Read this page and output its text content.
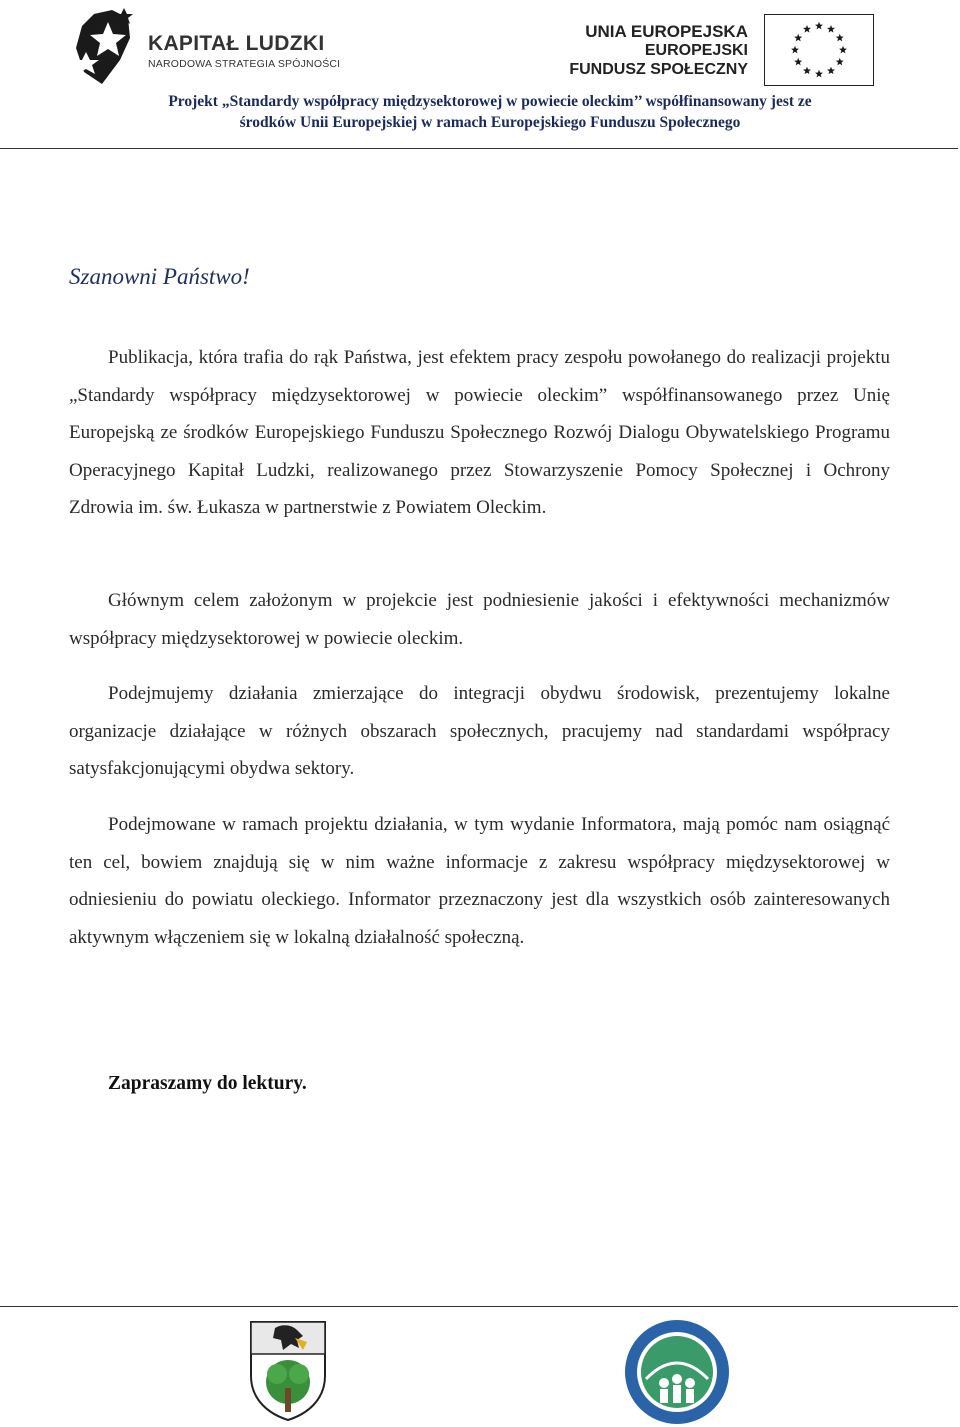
KAPITAŁ LUDZKI
NARODOWA STRATEGIA SPÓJNOŚCI
UNIA EUROPEJSKA
EUROPEJSKI
FUNDUSZ SPOŁECZNY
Projekt „Standardy współpracy międzysektorowej w powiecie oleckim’’ współfinansowany jest ze
środków Unii Europejskiej w ramach Europejskiego Funduszu Społecznego
Szanowni Państwo!
Publikacja, która trafia do rąk Państwa, jest efektem pracy zespołu powołanego do realizacji projektu „Standardy współpracy międzysektorowej w powiecie oleckim” współfinansowanego przez Unię Europejską ze środków Europejskiego Funduszu Społecznego Rozwój Dialogu Obywatelskiego Programu Operacyjnego Kapitał Ludzki, realizowanego przez Stowarzyszenie Pomocy Społecznej i Ochrony Zdrowia im. św. Łukasza w partnerstwie z Powiatem Oleckim.
Głównym celem założonym w projekcie jest podniesienie jakości i efektywności mechanizmów współpracy międzysektorowej w powiecie oleckim.
Podejmujemy działania zmierzające do integracji obydwu środowisk, prezentujemy lokalne organizacje działające w różnych obszarach społecznych, pracujemy nad standardami współpracy satysfakcjonującymi obydwa sektory.
Podejmowane w ramach projektu działania, w tym wydanie Informatora, mają pomóc nam osiągnąć ten cel, bowiem znajdują się w nim ważne informacje z zakresu współpracy międzysektorowej w odniesieniu do powiatu oleckiego. Informator przeznaczony jest dla wszystkich osób zainteresowanych aktywnym włączeniem się w lokalną działalność społeczną.
Zapraszamy do lektury.
